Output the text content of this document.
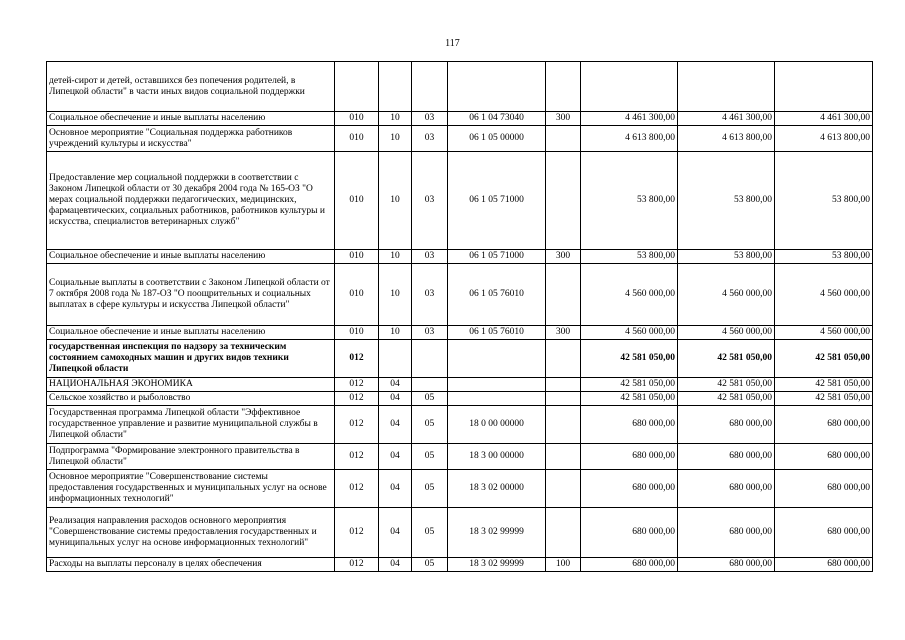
117
детей-сирот и детей, оставшихся без попечения родителей, в Липецкой области" в части иных видов социальной поддержки								
Социальное обеспечение и иные выплаты населению	010	10	03	06 1 04 73040	300	4 461 300,00	4 461 300,00	4 461 300,00
Основное мероприятие "Социальная поддержка работников учреждений культуры и искусства"	010	10	03	06 1 05 00000		4 613 800,00	4 613 800,00	4 613 800,00
Предоставление мер социальной поддержки в соответствии с Законом Липецкой области от 30 декабря 2004 года № 165-ОЗ "О мерах социальной поддержки педагогических, медицинских, фармацевтических, социальных работников, работников культуры и искусства, специалистов ветеринарных служб"	010	10	03	06 1 05 71000		53 800,00	53 800,00	53 800,00
Социальное обеспечение и иные выплаты населению	010	10	03	06 1 05 71000	300	53 800,00	53 800,00	53 800,00
Социальные выплаты в соответствии с Законом Липецкой области от 7 октября 2008 года № 187-ОЗ "О поощрительных и социальных выплатах в сфере культуры и искусства Липецкой области"	010	10	03	06 1 05 76010		4 560 000,00	4 560 000,00	4 560 000,00
Социальное обеспечение и иные выплаты населению	010	10	03	06 1 05 76010	300	4 560 000,00	4 560 000,00	4 560 000,00
государственная инспекция по надзору за техническим состоянием самоходных машин и других видов техники Липецкой области	012					42 581 050,00	42 581 050,00	42 581 050,00
НАЦИОНАЛЬНАЯ ЭКОНОМИКА	012	04				42 581 050,00	42 581 050,00	42 581 050,00
Сельское хозяйство и рыболовство	012	04	05			42 581 050,00	42 581 050,00	42 581 050,00
Государственная программа Липецкой области "Эффективное государственное управление и развитие муниципальной службы в Липецкой области"	012	04	05	18 0 00 00000		680 000,00	680 000,00	680 000,00
Подпрограмма "Формирование электронного правительства в Липецкой области"	012	04	05	18 3 00 00000		680 000,00	680 000,00	680 000,00
Основное мероприятие "Совершенствование системы предоставления государственных и муниципальных услуг на основе информационных технологий"	012	04	05	18 3 02 00000		680 000,00	680 000,00	680 000,00
Реализация направления расходов основного мероприятия "Совершенствование системы предоставления государственных и муниципальных услуг на основе информационных технологий"	012	04	05	18 3 02 99999		680 000,00	680 000,00	680 000,00
Расходы на выплаты персоналу в целях обеспечения	012	04	05	18 3 02 99999	100	680 000,00	680 000,00	680 000,00
